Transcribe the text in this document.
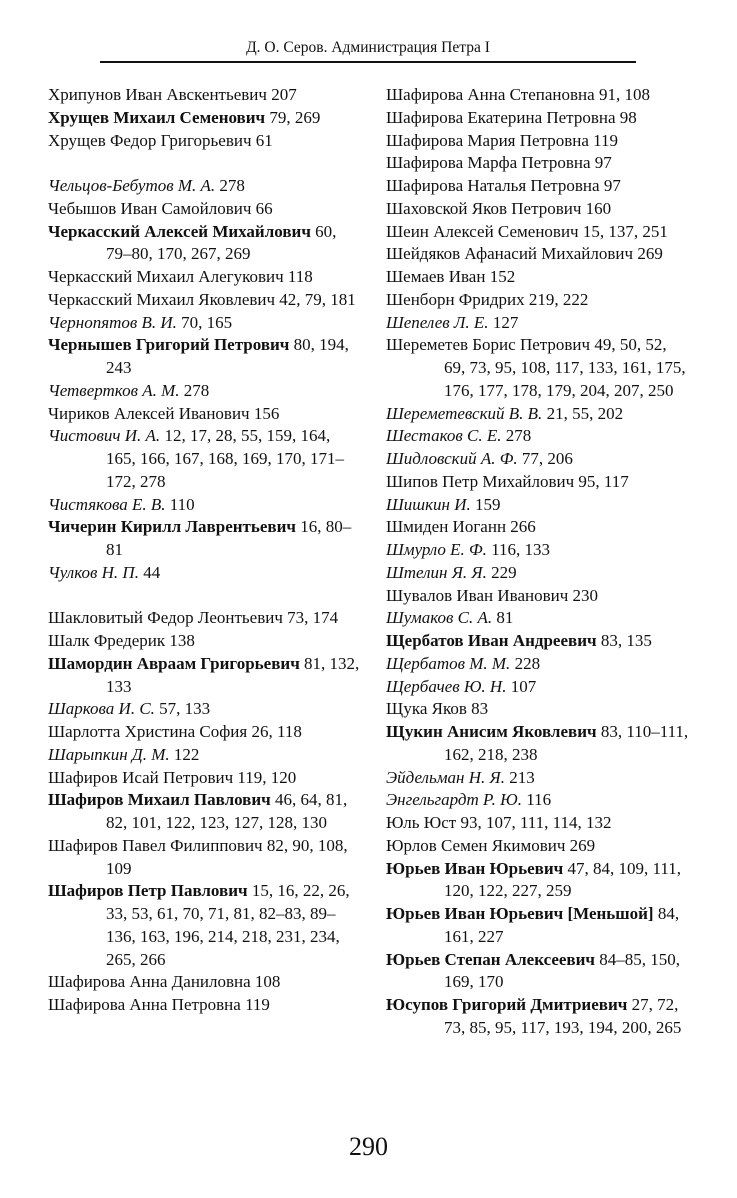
Д. О. Серов. Администрация Петра I
Хрипунов Иван Авскентьевич 207
Хрущев Михаил Семенович 79, 269
Хрущев Федор Григорьевич 61
Чельцов-Бебутов М. А. 278
Чебышов Иван Самойлович 66
Черкасский Алексей Михайлович 60, 79–80, 170, 267, 269
Черкасский Михаил Алегукович 118
Черкасский Михаил Яковлевич 42, 79, 181
Чернопятов В. И. 70, 165
Чернышев Григорий Петрович 80, 194, 243
Четвертков А. М. 278
Чириков Алексей Иванович 156
Чистович И. А. 12, 17, 28, 55, 159, 164, 165, 166, 167, 168, 169, 170, 171–172, 278
Чистякова Е. В. 110
Чичерин Кирилл Лаврентьевич 16, 80–81
Чулков Н. П. 44
Шакловитый Федор Леонтьевич 73, 174
Шалк Фредерик 138
Шамордин Авраам Григорьевич 81, 132, 133
Шаркова И. С. 57, 133
Шарлотта Христина София 26, 118
Шарыпкин Д. М. 122
Шафиров Исай Петрович 119, 120
Шафиров Михаил Павлович 46, 64, 81, 82, 101, 122, 123, 127, 128, 130
Шафиров Павел Филиппович 82, 90, 108, 109
Шафиров Петр Павлович 15, 16, 22, 26, 33, 53, 61, 70, 71, 81, 82–83, 89–136, 163, 196, 214, 218, 231, 234, 265, 266
Шафирова Анна Даниловна 108
Шафирова Анна Петровна 119
Шафирова Анна Степановна 91, 108
Шафирова Екатерина Петровна 98
Шафирова Мария Петровна 119
Шафирова Марфа Петровна 97
Шафирова Наталья Петровна 97
Шаховской Яков Петрович 160
Шеин Алексей Семенович 15, 137, 251
Шейдяков Афанасий Михайлович 269
Шемаев Иван 152
Шенборн Фридрих 219, 222
Шепелев Л. Е. 127
Шереметев Борис Петрович 49, 50, 52, 69, 73, 95, 108, 117, 133, 161, 175, 176, 177, 178, 179, 204, 207, 250
Шереметевский В. В. 21, 55, 202
Шестаков С. Е. 278
Шидловский А. Ф. 77, 206
Шипов Петр Михайлович 95, 117
Шишкин И. 159
Шмиден Иоганн 266
Шмурло Е. Ф. 116, 133
Штелин Я. Я. 229
Шувалов Иван Иванович 230
Шумаков С. А. 81
Щербатов Иван Андреевич 83, 135
Щербатов М. М. 228
Щербачев Ю. Н. 107
Щука Яков 83
Щукин Анисим Яковлевич 83, 110–111, 162, 218, 238
Эйдельман Н. Я. 213
Энгельгардт Р. Ю. 116
Юль Юст 93, 107, 111, 114, 132
Юрлов Семен Якимович 269
Юрьев Иван Юрьевич 47, 84, 109, 111, 120, 122, 227, 259
Юрьев Иван Юрьевич [Меньшой] 84, 161, 227
Юрьев Степан Алексеевич 84–85, 150, 169, 170
Юсупов Григорий Дмитриевич 27, 72, 73, 85, 95, 117, 193, 194, 200, 265
290
